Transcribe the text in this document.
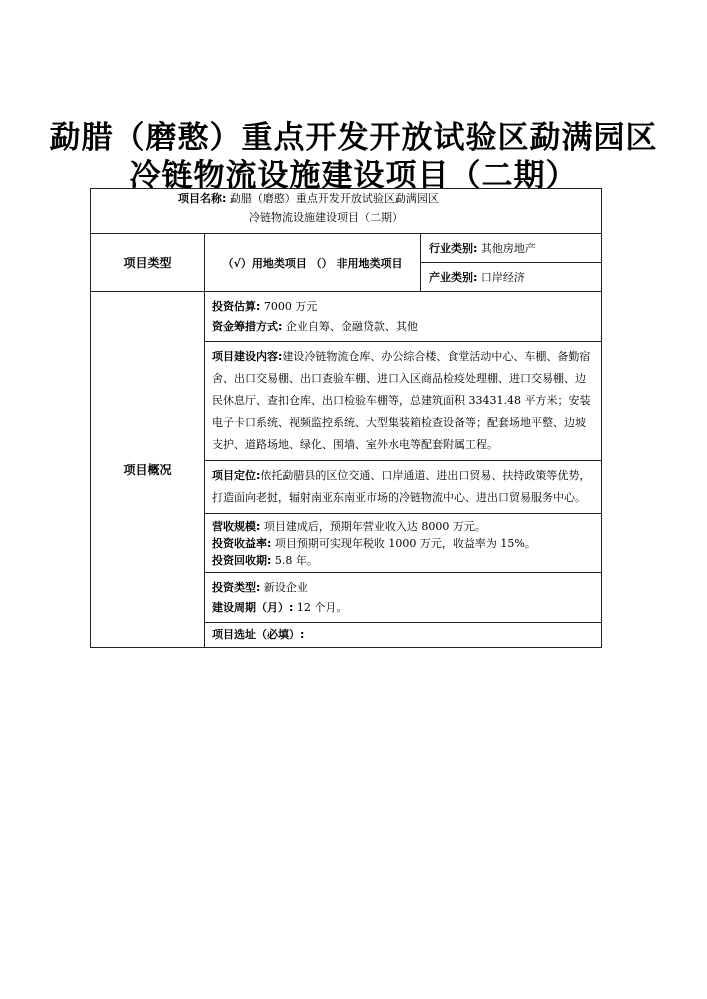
勐腊（磨憨）重点开发开放试验区勐满园区
冷链物流设施建设项目（二期）
项目名称: 勐腊（磨憨）重点开发开放试验区勐满园区
冷链物流设施建设项目（二期）		

项目类型	（√）用地类项目 （） 非用地类项目	行业类别: 其他房地产
		产业类别: 口岸经济
项目概况	投资估算: 7000 万元
资金筹措方式: 企业自筹、金融贷款、其他	

	项目建设内容:建设冷链物流仓库、办公综合楼、食堂活动中心、车棚、备勤宿舍、出口交易棚、出口查验车棚、进口入区商品检疫处理棚、进口交易棚、边民休息厅、查扣仓库、出口检验车棚等，总建筑面积 33431.48 平方米；安装电子卡口系统、视频监控系统、大型集装箱检查设备等；配套场地平整、边坡支护、道路场地、绿化、围墙、室外水电等配套附属工程。	
	项目定位:依托勐腊县的区位交通、口岸通道、进出口贸易、扶持政策等优势，打造面向老挝，辐射南亚东南亚市场的冷链物流中心、进出口贸易服务中心。	

	营收规模: 项目建成后，预期年营业收入达 8000 万元。
投资收益率: 项目预期可实现年税收 1000 万元，收益率为 15%。
投资回收期: 5.8 年。	

	投资类型: 新设企业
建设周期（月）: 12 个月。	

	项目选址（必填）:	
